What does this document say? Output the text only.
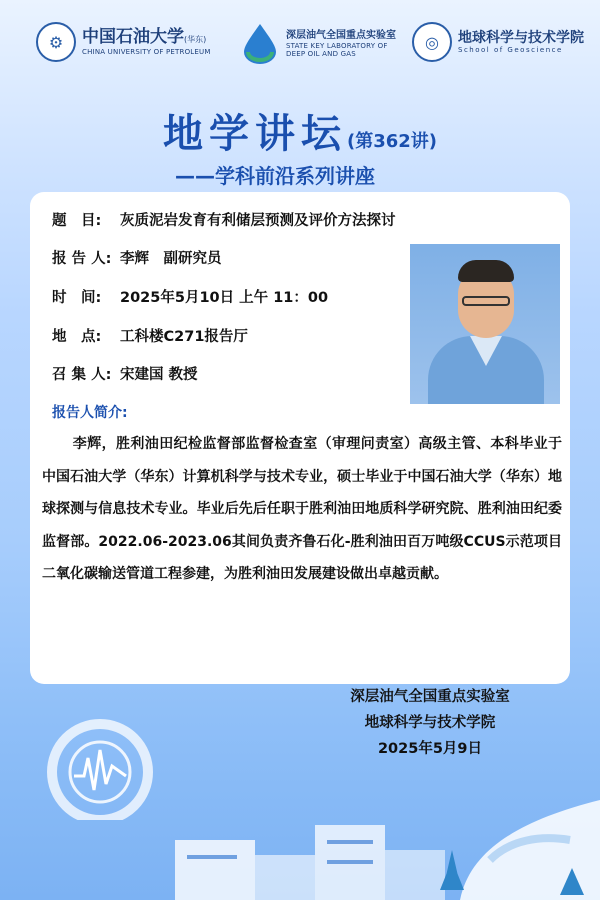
⚙	中国石油大学(华东)
CHINA UNIVERSITY OF PETROLEUM
深层油气全国重点实验室
STATE KEY LABORATORY OF
DEEP OIL AND GAS
◎	地球科学与技术学院
School of Geoscience
地学讲坛(第362讲)
——学科前沿系列讲座
题　目: 灰质泥岩发育有利储层预测及评价方法探讨
报 告 人: 李辉　副研究员
时　间: 2025年5月10日 上午 11：00
地　点: 工科楼C271报告厅
召 集 人: 宋建国 教授
报告人简介:
李辉，胜利油田纪检监督部监督检查室（审理问责室）高级主管、本科毕业于中国石油大学（华东）计算机科学与技术专业，硕士毕业于中国石油大学（华东）地球探测与信息技术专业。毕业后先后任职于胜利油田地质科学研究院、胜利油田纪委监督部。2022.06-2023.06其间负责齐鲁石化-胜利油田百万吨级CCUS示范项目二氧化碳输送管道工程参建，为胜利油田发展建设做出卓越贡献。
深层油气全国重点实验室
地球科学与技术学院
2025年5月9日
